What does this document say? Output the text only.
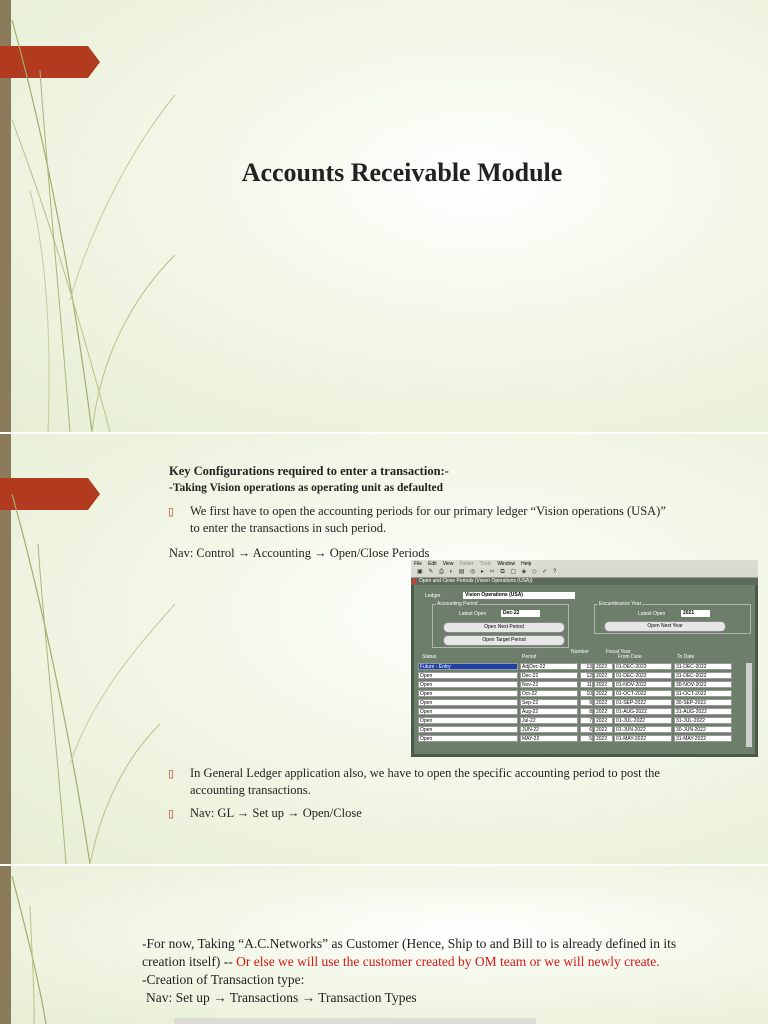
Accounts Receivable Module
Key Configurations required to enter a transaction:-
-Taking Vision operations as operating unit as defaulted
▯ We first have to open the accounting periods for our primary ledger “Vision operations (USA)”
to enter the transactions in such period.
Nav: Control → Accounting → Open/Close Periods
File Edit View Folder Tools Window Help
▣ ✎ ⎙ ◐ ▤ ◎ ▸ ✂ ⧉ ▢ ◈ ◇ ✓ ?
Open and Close Periods (Vision Operations (USA))
Ledger	Vision Operations (USA)
Accounting Period
Latest Open	Dec-22
Open Next Period
Open Target Period
Encumbrance Year
Latest Open	2021
Open Next Year
Number	Fiscal Year
Status	Period	From Date	To Date
Future - Entry	AdjDec-22	13 2022	01-DEC-2022	31-DEC-2022
Open	Dec-22	12 2022	01-DEC-2022	31-DEC-2022
Open	Nov-22	11 2022	01-NOV-2022	30-NOV-2022
Open	Oct-22	10 2022	01-OCT-2022	31-OCT-2022
Open	Sep-22	9 2022	01-SEP-2022	30-SEP-2022
Open	Aug-22	8 2022	01-AUG-2022	31-AUG-2022
Open	Jul-22	7 2022	01-JUL-2022	31-JUL-2022
Open	JUN-22	6 2022	01-JUN-2022	30-JUN-2022
Open	MAY-22	5 2022	01-MAY-2022	31-MAY-2022
▯ In General Ledger application also, we have to open the specific accounting period to post the
accounting transactions.
▯ Nav: GL → Set up → Open/Close
-For now, Taking “A.C.Networks” as Customer (Hence, Ship to and Bill to is already defined in its
creation itself) -- Or else we will use the customer created by OM team or we will newly create.
-Creation of Transaction type:
Nav: Set up → Transactions → Transaction Types
